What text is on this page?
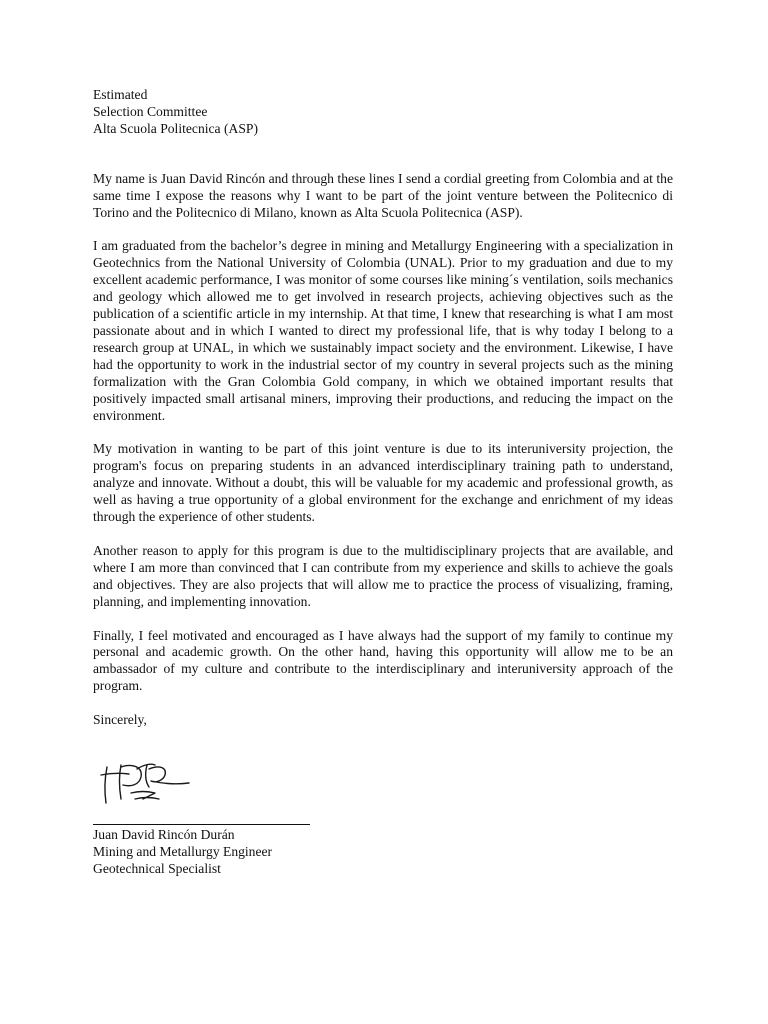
Estimated
Selection Committee
Alta Scuola Politecnica (ASP)

My name is Juan David Rincón and through these lines I send a cordial greeting from Colombia and at the same time I expose the reasons why I want to be part of the joint venture between the Politecnico di Torino and the Politecnico di Milano, known as Alta Scuola Politecnica (ASP).

I am graduated from the bachelor’s degree in mining and Metallurgy Engineering with a specialization in Geotechnics from the National University of Colombia (UNAL). Prior to my graduation and due to my excellent academic performance, I was monitor of some courses like mining´s ventilation, soils mechanics and geology which allowed me to get involved in research projects, achieving objectives such as the publication of a scientific article in my internship. At that time, I knew that researching is what I am most passionate about and in which I wanted to direct my professional life, that is why today I belong to a research group at UNAL, in which we sustainably impact society and the environment. Likewise, I have had the opportunity to work in the industrial sector of my country in several projects such as the mining formalization with the Gran Colombia Gold company, in which we obtained important results that positively impacted small artisanal miners, improving their productions, and reducing the impact on the environment.

My motivation in wanting to be part of this joint venture is due to its interuniversity projection, the program's focus on preparing students in an advanced interdisciplinary training path to understand, analyze and innovate. Without a doubt, this will be valuable for my academic and professional growth, as well as having a true opportunity of a global environment for the exchange and enrichment of my ideas through the experience of other students.

Another reason to apply for this program is due to the multidisciplinary projects that are available, and where I am more than convinced that I can contribute from my experience and skills to achieve the goals and objectives. They are also projects that will allow me to practice the process of visualizing, framing, planning, and implementing innovation.

Finally, I feel motivated and encouraged as I have always had the support of my family to continue my personal and academic growth. On the other hand, having this opportunity will allow me to be an ambassador of my culture and contribute to the interdisciplinary and interuniversity approach of the program.

Sincerely,

Juan David Rincón Durán
Mining and Metallurgy Engineer
Geotechnical Specialist
